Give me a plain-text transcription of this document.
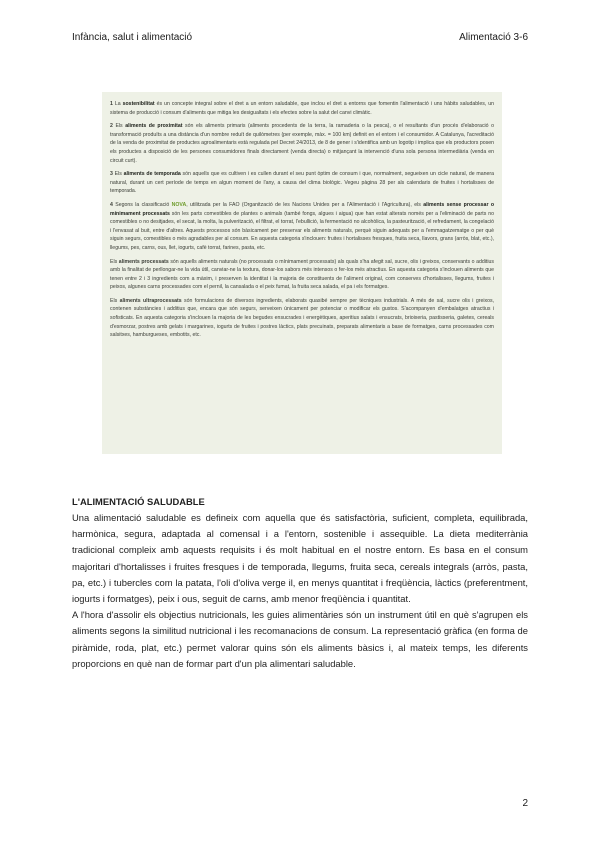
Infància, salut i alimentació	Alimentació 3-6

1 La sostenibilitat és un concepte integral sobre el dret a un entorn saludable, que inclou el dret a entorns que fomentin l'alimentació i uns hàbits saludables, un sistema de producció i consum d'aliments que mitiga les desigualtats i els efectes sobre la salut del canvi climàtic.

2 Els aliments de proximitat són els aliments primaris (aliments procedents de la terra, la ramaderia o la pesca), o el resultants d'un procés d'elaboració o transformació produïts a una distància d'un nombre reduït de quilòmetres (per exemple, màx. = 100 km) definit en el entorn i el consumidor. A Catalunya, l'acreditació de la venda de proximitat de productes agroalimentaris està regulada pel Decret 24/2013, de 8 de gener i s'identifica amb un logotip i implica que els productors posen els productes a disposició de les persones consumidores finals directament (venda directa) o mitjançant la intervenció d'una sola persona intermediària (venda en circuit curt).

3 Els aliments de temporada són aquells que es cultiven i es cullen durant el seu punt òptim de consum i que, normalment, segueixen un cicle natural, de manera natural, durant un cert període de temps en algun moment de l'any, a causa del clima biològic. Vegeu pàgina 28 per als calendaris de fruites i hortalisses de temporada.

4 Segons la classificació NOVA, utilitzada per la FAO (Organització de les Nacions Unides per a l'Alimentació i l'Agricultura), els aliments sense processar o mínimament processats són les parts comestibles de plantes o animals (també fongs, algues i aigua) que han estat alterats només per a l'eliminació de parts no comestibles o no desitjades, el secat, la molta, la pulverització, el filtrat, el torrat, l'ebullició, la fermentació no alcohòlica, la pasteurització, el refredament, la congelació i l'envasat al buit, entre d'altres. Aquests processos són bàsicament per preservar els aliments naturals, perquè siguin adequats per a l'emmagatzematge o per què siguin segurs, comestibles o més agradables per al consum. En aquesta categoria s'inclouen: fruites i hortalisses fresques, fruita seca, llavors, grans (arròs, blat, etc.), llegums, pes, carns, ous, llet, iogurts, cafè torrat, farines, pasta, etc.

Els aliments processats són aquells aliments naturals (no processats o mínimament processats) als quals s'ha afegit sal, sucre, olis i greixos, conservants o additius amb la finalitat de perllongar-ne la vida útil, canviar-ne la textura, donar-los sabors més intensos o fer-los més atractius. En aquesta categoria s'inclouen aliments que tenen entre 2 i 3 ingredients com a màxim, i preserven la identitat i la majoria de constituents de l'aliment original, com conserves d'hortalisses, llegums, fruites i peixos, algunes carns processades com el pernil, la cansalada o el peix fumat, la fruita seca salada, el pa i els formatges.

Els aliments ultraprocessats són formulacions de diversos ingredients, elaborats quasibé sempre per tècniques industrials. A més de sal, sucre olis i greixos, contenen substàncies i additius que, encara que són segurs, serveixen únicament per potenciar o modificar els gustos. S'acompanyen d'embalatges atractius i sofisticats. En aquesta categoria s'inclouen la majoria de les begudes ensucrades i energètiques, aperitius salats i ensucrats, brioixeria, pastisseria, galetes, cereals d'esmorzar, postres amb gelats i margarines, iogurts de fruites i postres làctics, plats precuinats, preparats alimentaris a base de formatges, carns processades com salsitxes, hamburgueses, embotits, etc.

L'ALIMENTACIÓ SALUDABLE

Una alimentació saludable es defineix com aquella que és satisfactòria, suficient, completa, equilibrada, harmònica, segura, adaptada al comensal i a l'entorn, sostenible i assequible. La dieta mediterrània tradicional compleix amb aquests requisits i és molt habitual en el nostre entorn. Es basa en el consum majoritari d'hortalisses i fruites fresques i de temporada, llegums, fruita seca, cereals integrals (arròs, pasta, pa, etc.) i tubercles com la patata, l'oli d'oliva verge il, en menys quantitat i freqüència, làctics (preferentment, iogurts i formatges), peix i ous, seguit de carns, amb menor freqüència i quantitat.

A l'hora d'assolir els objectius nutricionals, les guies alimentàries són un instrument útil en què s'agrupen els aliments segons la similitud nutricional i les recomanacions de consum. La representació gràfica (en forma de piràmide, roda, plat, etc.) permet valorar quins són els aliments bàsics i, al mateix temps, les diferents proporcions en què nan de formar part d'un pla alimentari saludable.

2
